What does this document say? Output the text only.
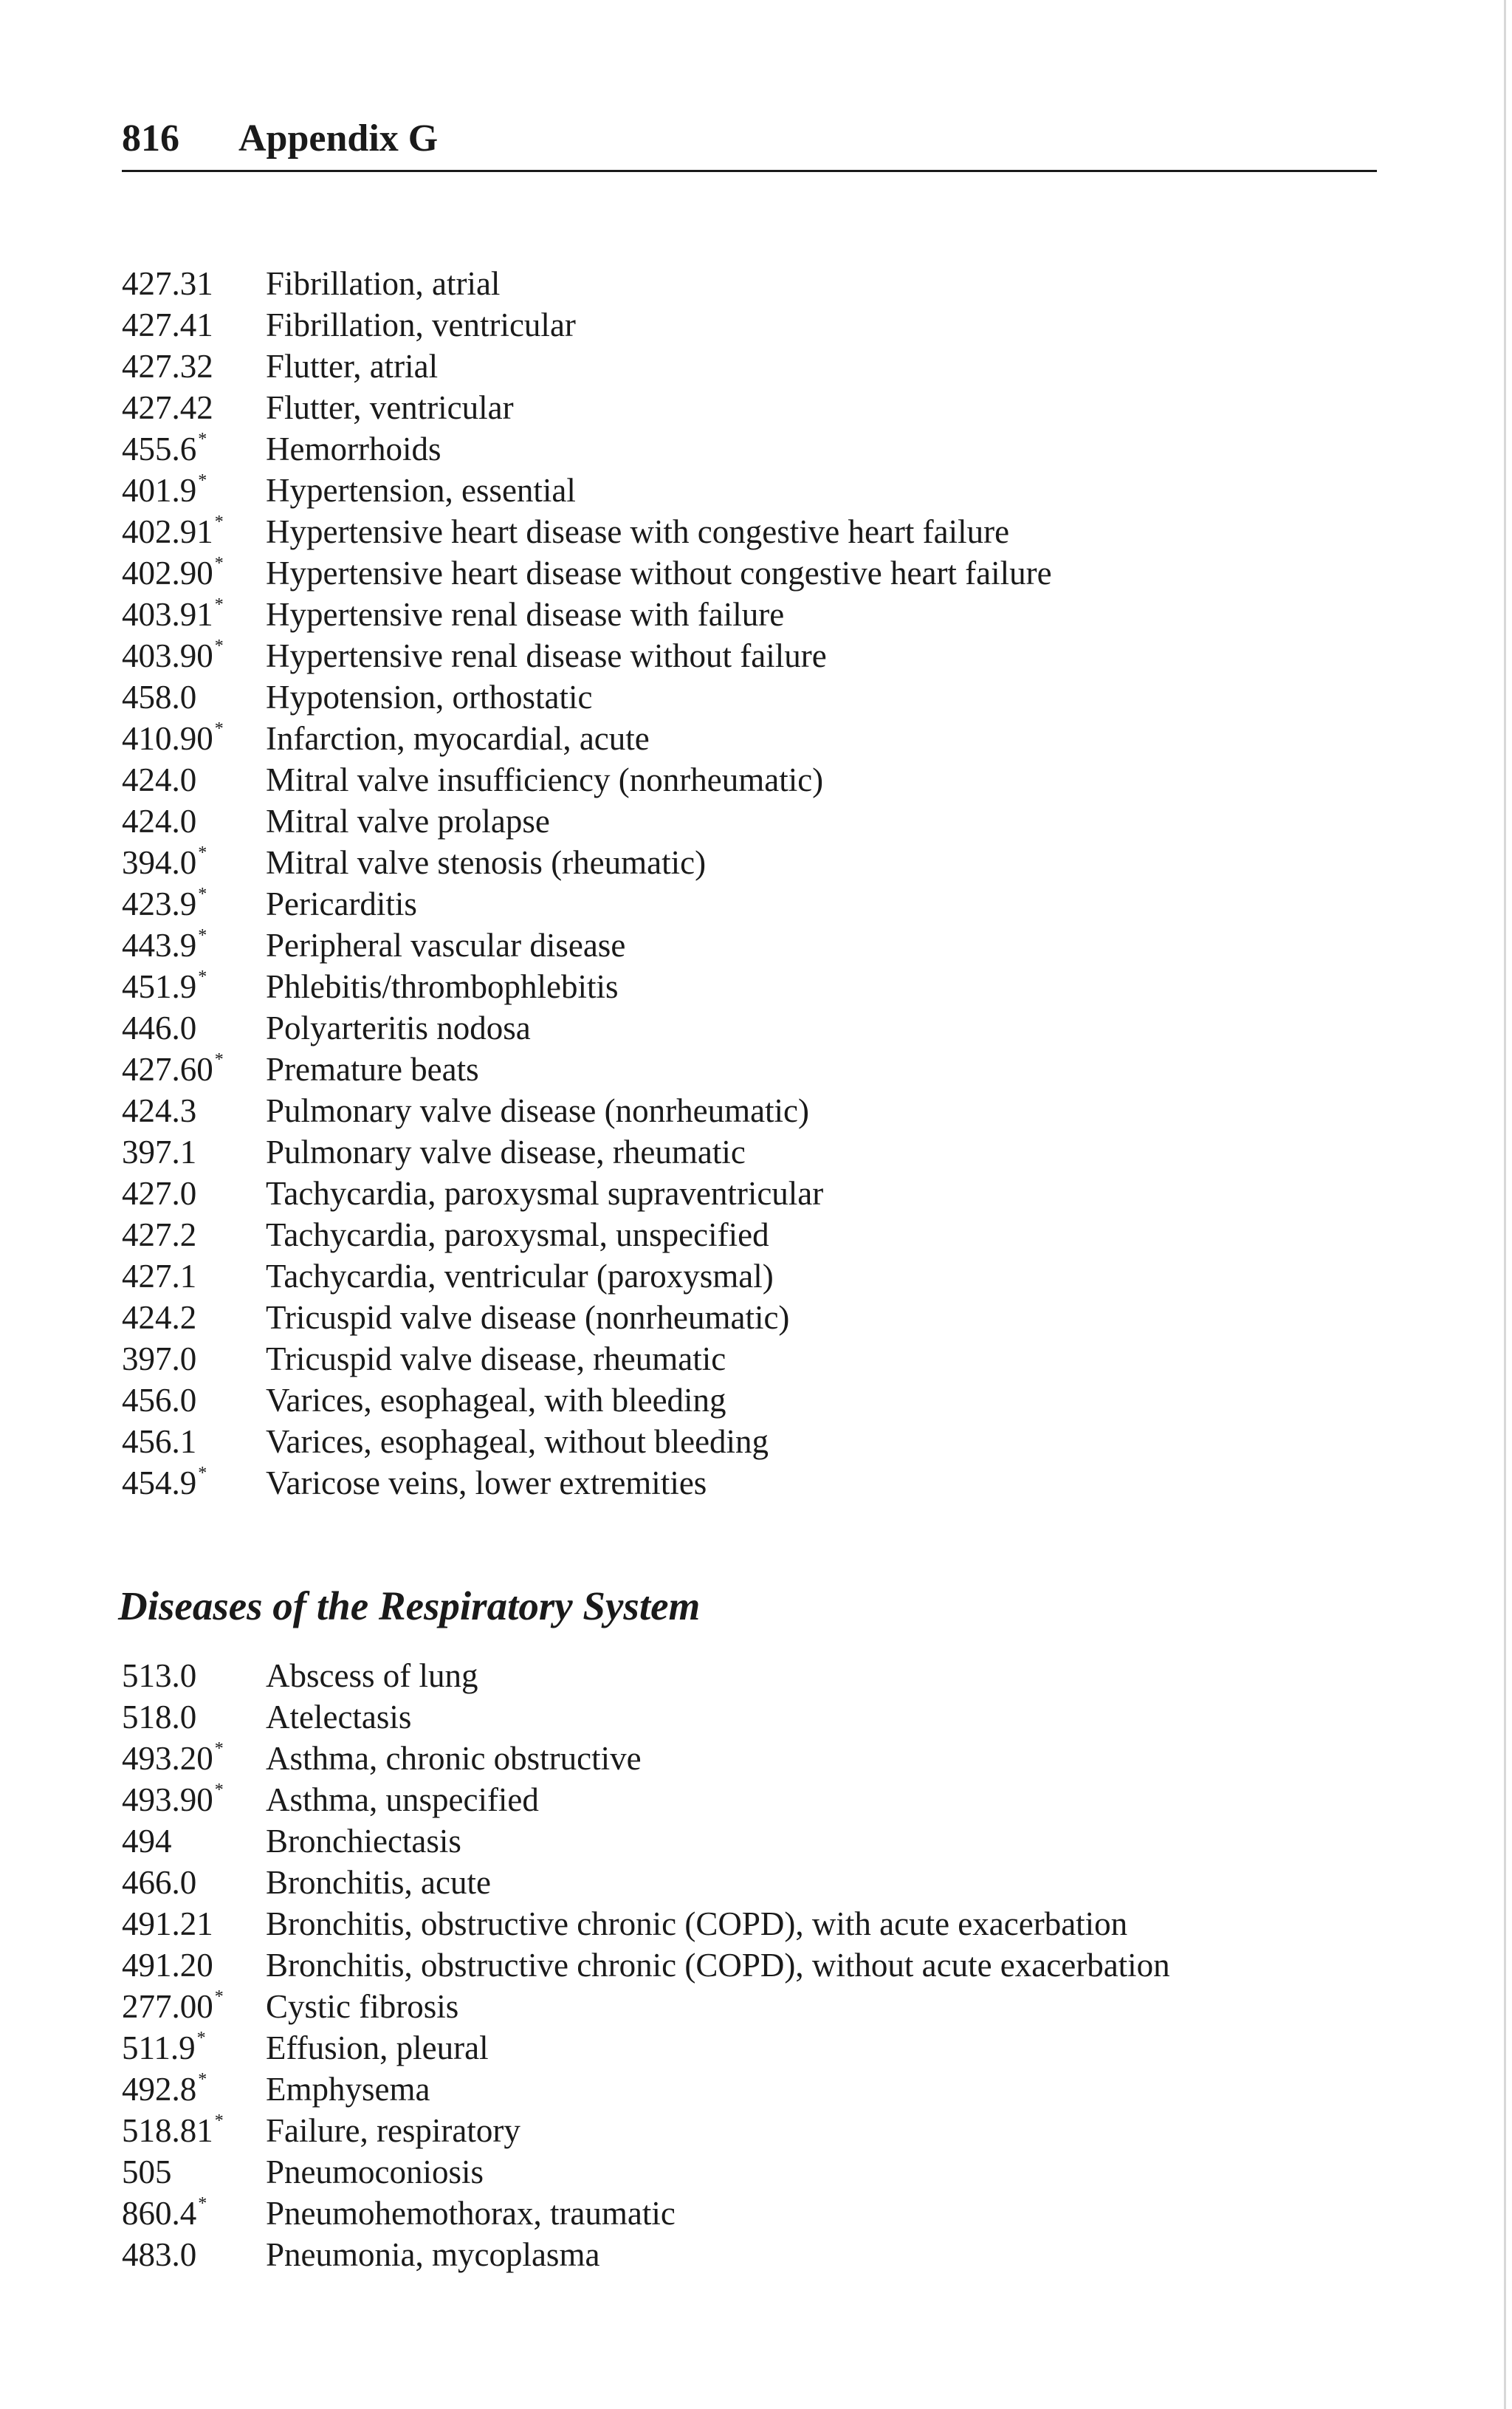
816 Appendix G
427.31 Fibrillation, atrial
427.41 Fibrillation, ventricular
427.32 Flutter, atrial
427.42 Flutter, ventricular
455.6* Hemorrhoids
401.9* Hypertension, essential
402.91* Hypertensive heart disease with congestive heart failure
402.90* Hypertensive heart disease without congestive heart failure
403.91* Hypertensive renal disease with failure
403.90* Hypertensive renal disease without failure
458.0 Hypotension, orthostatic
410.90* Infarction, myocardial, acute
424.0 Mitral valve insufficiency (nonrheumatic)
424.0 Mitral valve prolapse
394.0* Mitral valve stenosis (rheumatic)
423.9* Pericarditis
443.9* Peripheral vascular disease
451.9* Phlebitis/thrombophlebitis
446.0 Polyarteritis nodosa
427.60* Premature beats
424.3 Pulmonary valve disease (nonrheumatic)
397.1 Pulmonary valve disease, rheumatic
427.0 Tachycardia, paroxysmal supraventricular
427.2 Tachycardia, paroxysmal, unspecified
427.1 Tachycardia, ventricular (paroxysmal)
424.2 Tricuspid valve disease (nonrheumatic)
397.0 Tricuspid valve disease, rheumatic
456.0 Varices, esophageal, with bleeding
456.1 Varices, esophageal, without bleeding
454.9* Varicose veins, lower extremities
Diseases of the Respiratory System
513.0 Abscess of lung
518.0 Atelectasis
493.20* Asthma, chronic obstructive
493.90* Asthma, unspecified
494	Bronchiectasis
466.0 Bronchitis, acute
491.21 Bronchitis, obstructive chronic (COPD), with acute exacerbation
491.20 Bronchitis, obstructive chronic (COPD), without acute exacerbation
277.00* Cystic fibrosis
511.9* Effusion, pleural
492.8* Emphysema
518.81* Failure, respiratory
505	Pneumoconiosis
860.4* Pneumohemothorax, traumatic
483.0 Pneumonia, mycoplasma
